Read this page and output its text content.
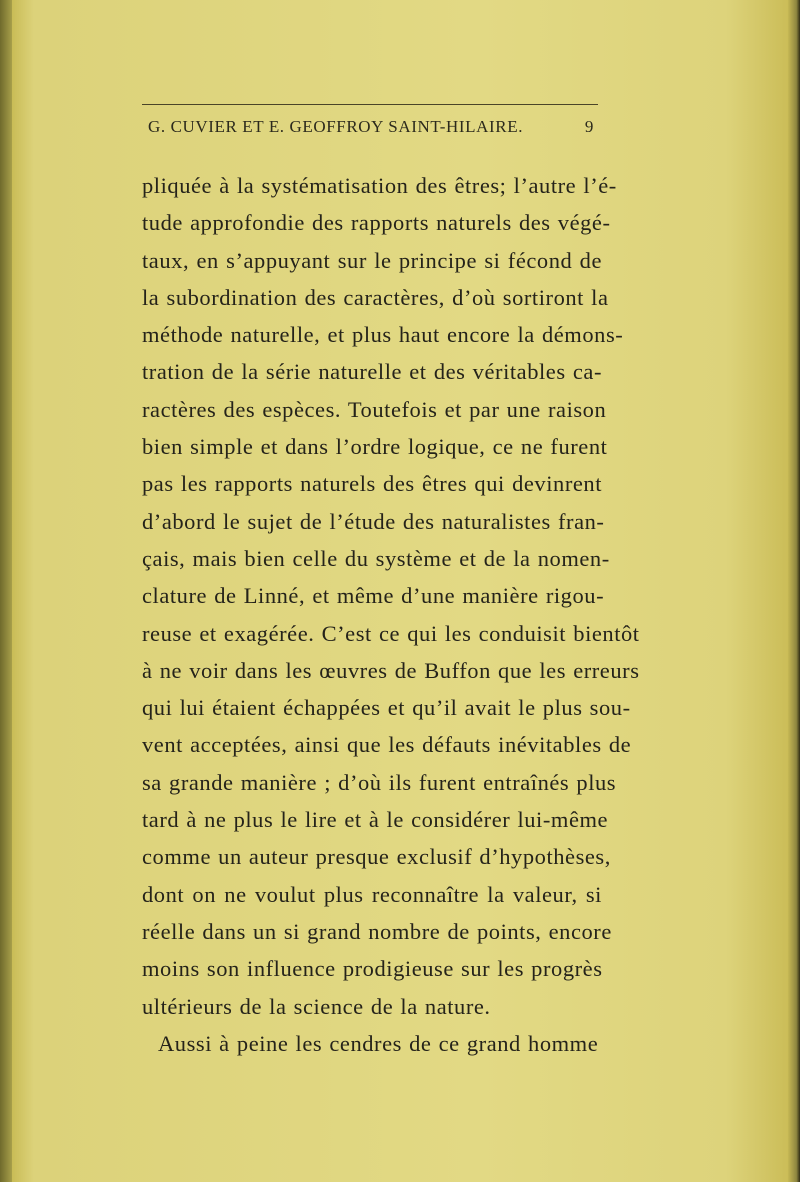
G. CUVIER ET E. GEOFFROY SAINT-HILAIRE.	9
pliquée à la systématisation des êtres; l’autre l’é-
tude approfondie des rapports naturels des végé-
taux, en s’appuyant sur le principe si fécond de
la subordination des caractères, d’où sortiront la
méthode naturelle, et plus haut encore la démons-
tration de la série naturelle et des véritables ca-
ractères des espèces. Toutefois et par une raison
bien simple et dans l’ordre logique, ce ne furent
pas les rapports naturels des êtres qui devinrent
d’abord le sujet de l’étude des naturalistes fran-
çais, mais bien celle du système et de la nomen-
clature de Linné, et même d’une manière rigou-
reuse et exagérée. C’est ce qui les conduisit bientôt
à ne voir dans les œuvres de Buffon que les erreurs
qui lui étaient échappées et qu’il avait le plus sou-
vent acceptées, ainsi que les défauts inévitables de
sa grande manière ; d’où ils furent entraînés plus
tard à ne plus le lire et à le considérer lui-même
comme un auteur presque exclusif d’hypothèses,
dont on ne voulut plus reconnaître la valeur, si
réelle dans un si grand nombre de points, encore
moins son influence prodigieuse sur les progrès
ultérieurs de la science de la nature.
Aussi à peine les cendres de ce grand homme
